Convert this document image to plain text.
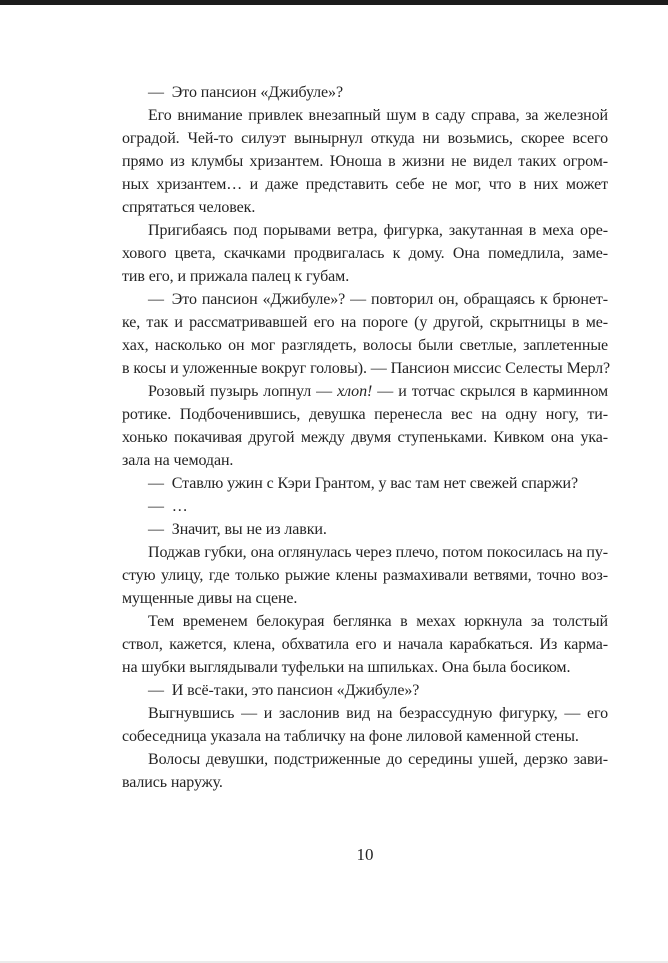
— Это пансион «Джибуле»?
Его внимание привлек внезапный шум в саду справа, за железной
оградой. Чей-то силуэт вынырнул откуда ни возьмись, скорее всего
прямо из клумбы хризантем. Юноша в жизни не видел таких огром-
ных хризантем… и даже представить себе не мог, что в них может
спрятаться человек.
Пригибаясь под порывами ветра, фигурка, закутанная в меха оре-
хового цвета, скачками продвигалась к дому. Она помедлила, заме-
тив его, и прижала палец к губам.
— Это пансион «Джибуле»? — повторил он, обращаясь к брюнет-
ке, так и рассматривавшей его на пороге (у другой, скрытницы в ме-
хах, насколько он мог разглядеть, волосы были светлые, заплетенные
в косы и уложенные вокруг головы). — Пансион миссис Селесты Мерл?
Розовый пузырь лопнул — хлоп! — и тотчас скрылся в карминном
ротике. Подбоченившись, девушка перенесла вес на одну ногу, ти-
хонько покачивая другой между двумя ступеньками. Кивком она ука-
зала на чемодан.
— Ставлю ужин с Кэри Грантом, у вас там нет свежей спаржи?
— …
— Значит, вы не из лавки.
Поджав губки, она оглянулась через плечо, потом покосилась на пу-
стую улицу, где только рыжие клены размахивали ветвями, точно воз-
мущенные дивы на сцене.
Тем временем белокурая беглянка в мехах юркнула за толстый
ствол, кажется, клена, обхватила его и начала карабкаться. Из карма-
на шубки выглядывали туфельки на шпильках. Она была босиком.
— И всё-таки, это пансион «Джибуле»?
Выгнувшись — и заслонив вид на безрассудную фигурку, — его
собеседница указала на табличку на фоне лиловой каменной стены.
Волосы девушки, подстриженные до середины ушей, дерзко зави-
вались наружу.
10
